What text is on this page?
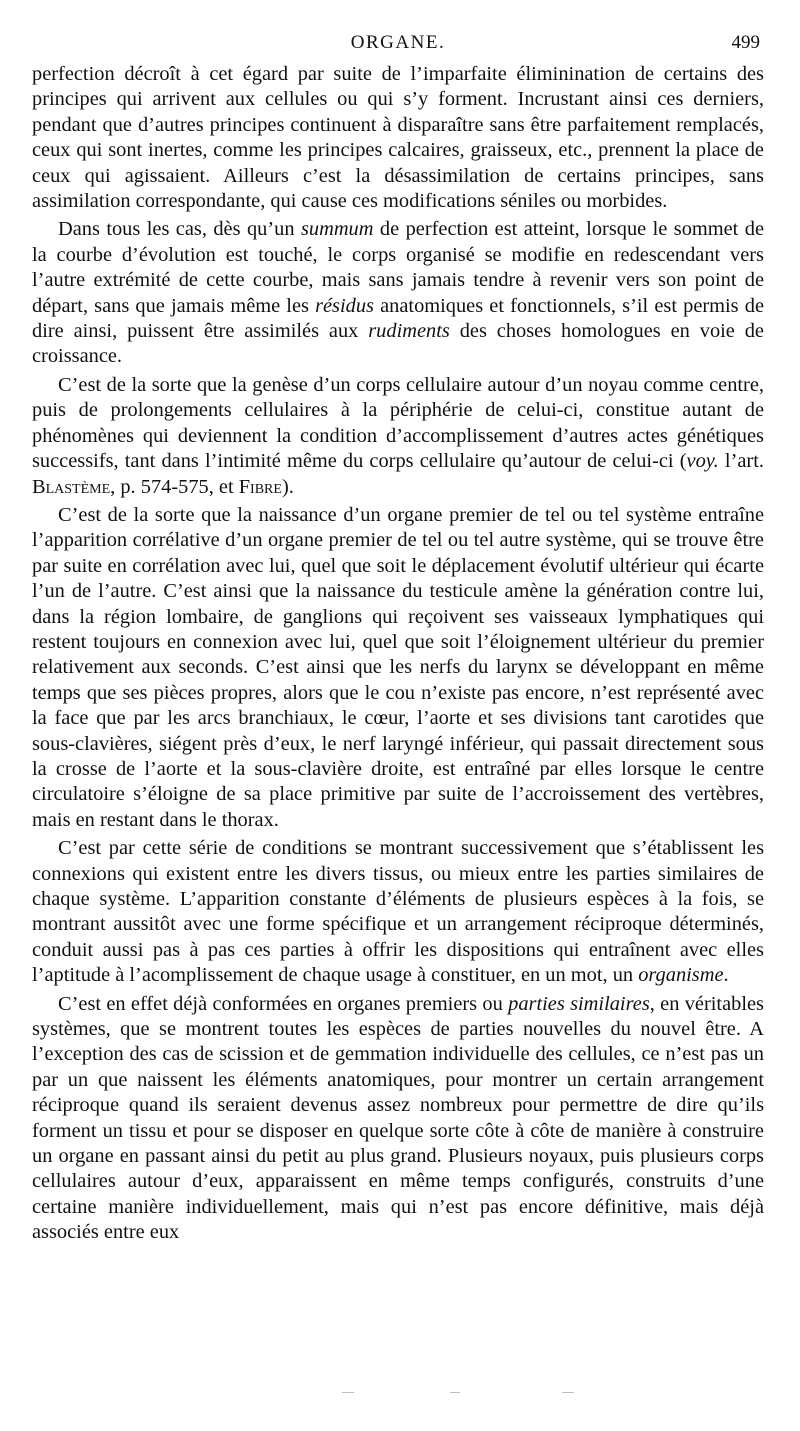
ORGANE.	499

perfection décroît à cet égard par suite de l’imparfaite éliminination de certains des principes qui arrivent aux cellules ou qui s’y forment. Incrustant ainsi ces derniers, pendant que d’autres principes continuent à disparaître sans être parfaitement remplacés, ceux qui sont inertes, comme les principes calcaires, graisseux, etc., prennent la place de ceux qui agissaient. Ailleurs c’est la désassimilation de certains principes, sans assimilation correspondante, qui cause ces modifications séniles ou morbides.

Dans tous les cas, dès qu’un summum de perfection est atteint, lorsque le sommet de la courbe d’évolution est touché, le corps organisé se modifie en redescendant vers l’autre extrémité de cette courbe, mais sans jamais tendre à revenir vers son point de départ, sans que jamais même les résidus anatomiques et fonctionnels, s’il est permis de dire ainsi, puissent être assimilés aux rudiments des choses homologues en voie de croissance.

C’est de la sorte que la genèse d’un corps cellulaire autour d’un noyau comme centre, puis de prolongements cellulaires à la périphérie de celui-ci, constitue autant de phénomènes qui deviennent la condition d’accomplissement d’autres actes génétiques successifs, tant dans l’intimité même du corps cellulaire qu’autour de celui-ci (voy. l’art. Blastème, p. 574-575, et Fibre).

C’est de la sorte que la naissance d’un organe premier de tel ou tel système entraîne l’apparition corrélative d’un organe premier de tel ou tel autre système, qui se trouve être par suite en corrélation avec lui, quel que soit le déplacement évolutif ultérieur qui écarte l’un de l’autre. C’est ainsi que la naissance du testicule amène la génération contre lui, dans la région lombaire, de ganglions qui reçoivent ses vaisseaux lymphatiques qui restent toujours en connexion avec lui, quel que soit l’éloignement ultérieur du premier relativement aux seconds. C’est ainsi que les nerfs du larynx se développant en même temps que ses pièces propres, alors que le cou n’existe pas encore, n’est représenté avec la face que par les arcs branchiaux, le cœur, l’aorte et ses divisions tant carotides que sous-clavières, siégent près d’eux, le nerf laryngé inférieur, qui passait directement sous la crosse de l’aorte et la sous-clavière droite, est entraîné par elles lorsque le centre circulatoire s’éloigne de sa place primitive par suite de l’accroissement des vertèbres, mais en restant dans le thorax.

C’est par cette série de conditions se montrant successivement que s’établissent les connexions qui existent entre les divers tissus, ou mieux entre les parties similaires de chaque système. L’apparition constante d’éléments de plusieurs espèces à la fois, se montrant aussitôt avec une forme spécifique et un arrangement réciproque déterminés, conduit aussi pas à pas ces parties à offrir les dispositions qui entraînent avec elles l’aptitude à l’acomplissement de chaque usage à constituer, en un mot, un organisme.

C’est en effet déjà conformées en organes premiers ou parties similaires, en véritables systèmes, que se montrent toutes les espèces de parties nouvelles du nouvel être. A l’exception des cas de scission et de gemmation individuelle des cellules, ce n’est pas un par un que naissent les éléments anatomiques, pour montrer un certain arrangement réciproque quand ils seraient devenus assez nombreux pour permettre de dire qu’ils forment un tissu et pour se disposer en quelque sorte côte à côte de manière à construire un organe en passant ainsi du petit au plus grand. Plusieurs noyaux, puis plusieurs corps cellulaires autour d’eux, apparaissent en même temps configurés, construits d’une certaine manière individuellement, mais qui n’est pas encore définitive, mais déjà associés entre eux
